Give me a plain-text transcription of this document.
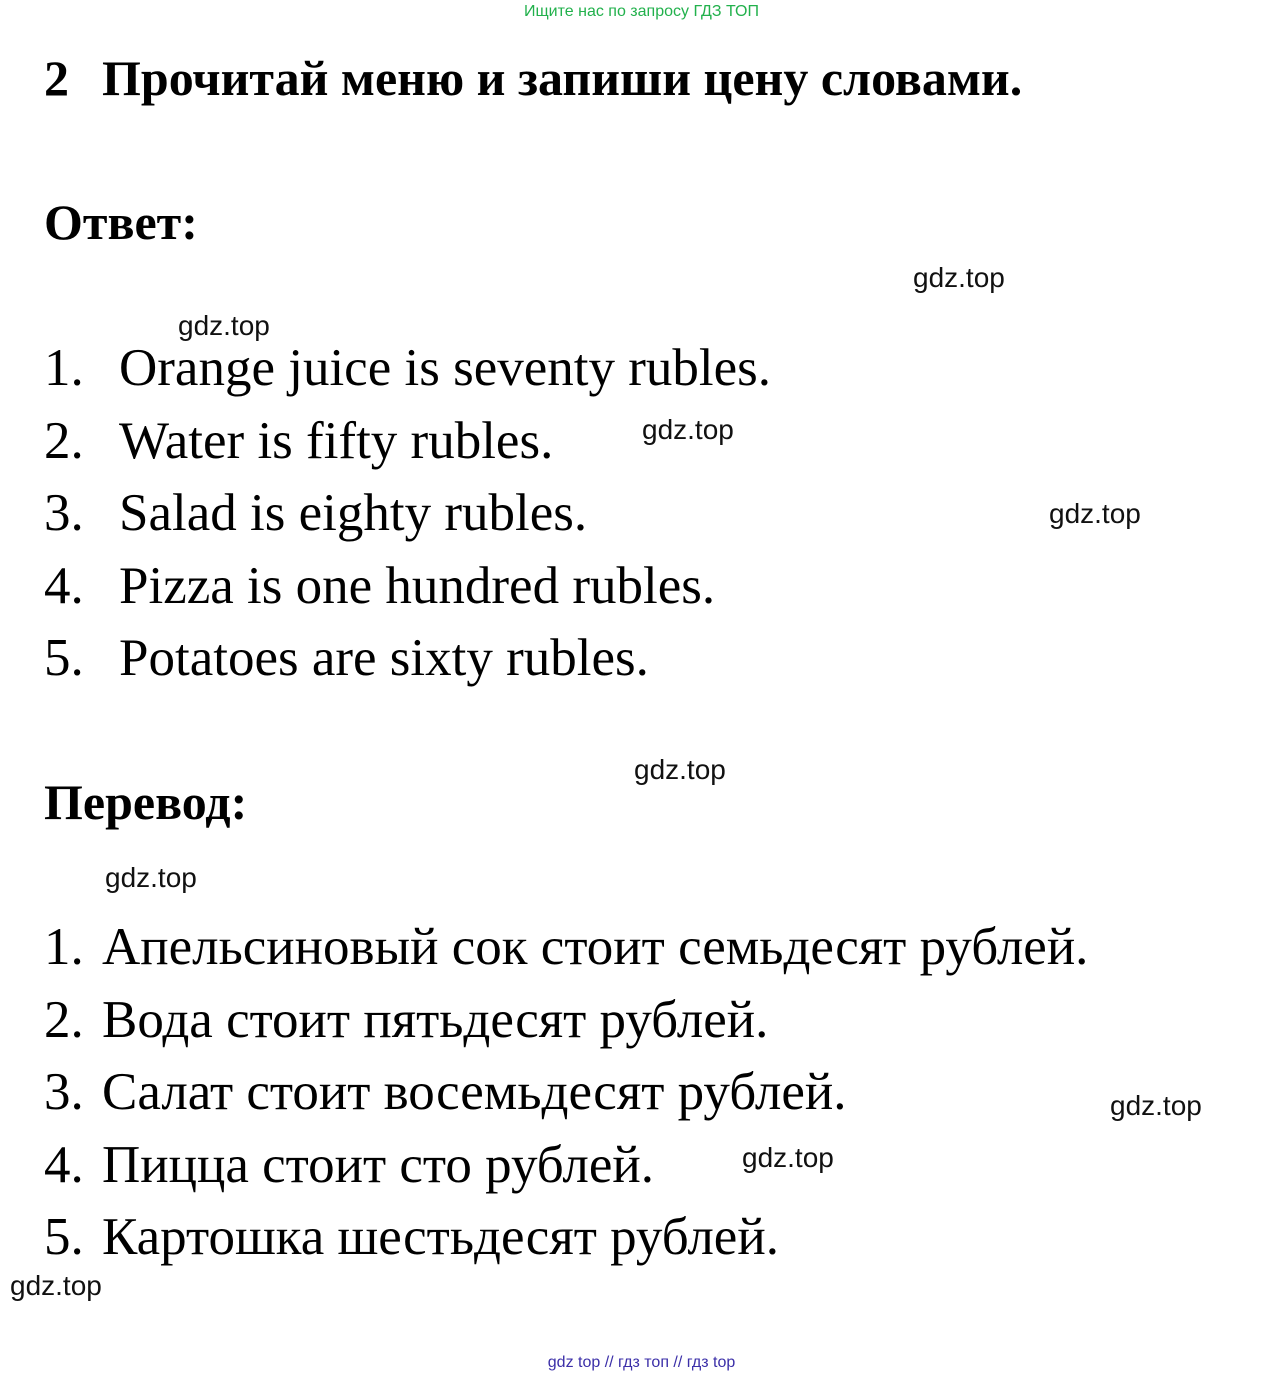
Ищите нас по запросу ГДЗ ТОП
2 Прочитай меню и запиши цену словами.
Ответ:
1. Orange juice is seventy rubles.
2. Water is fifty rubles.
3. Salad is eighty rubles.
4. Pizza is one hundred rubles.
5. Potatoes are sixty rubles.
Перевод:
1. Апельсиновый сок стоит семьдесят рублей.
2. Вода стоит пятьдесят рублей.
3. Салат стоит восемьдесят рублей.
4. Пицца стоит сто рублей.
5. Картошка шестьдесят рублей.
gdz.top
gdz.top
gdz.top
gdz.top
gdz.top
gdz.top
gdz.top
gdz.top
gdz.top
gdz top // гдз топ // гдз top
